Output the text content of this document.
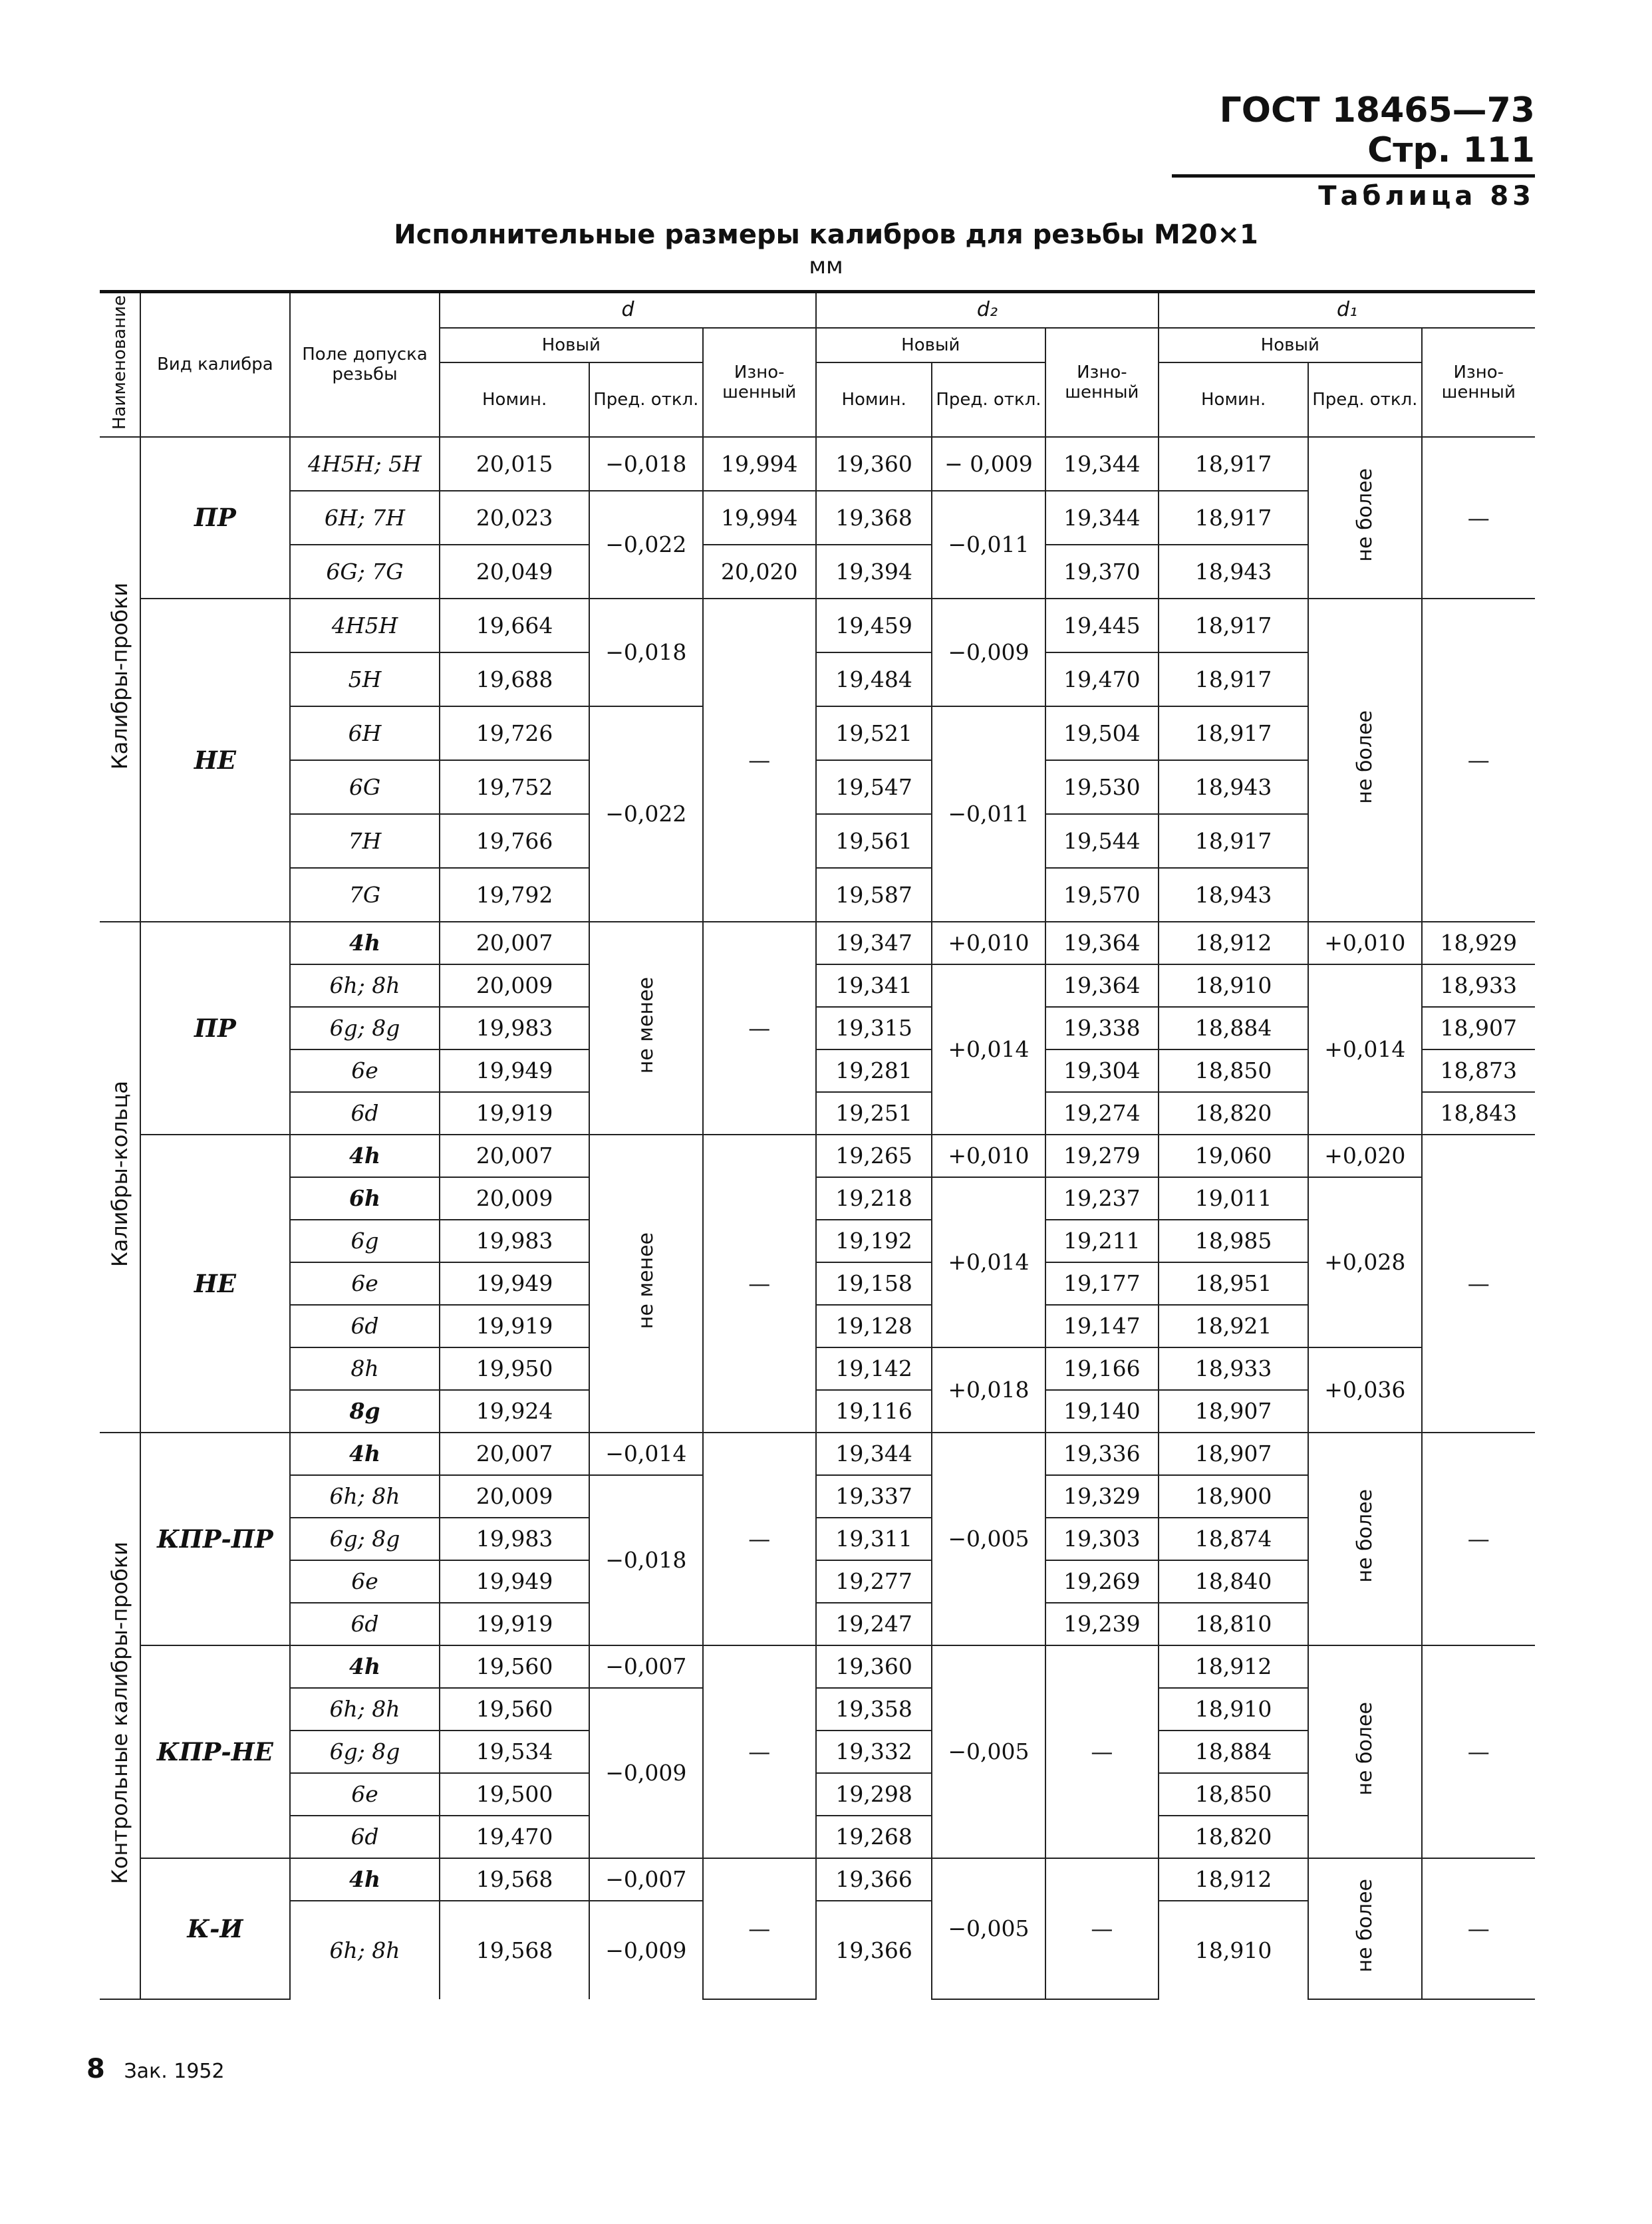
ГОСТ 18465—73 Стр. 111
Таблица 83
Исполнительные размеры калибров для резьбы M20×1
мм
Наименование	Вид калибра	Поле допуска резьбы	d			d₂			d₁		
			Новый		Изно- шенный	Новый		Изно- шенный	Новый		Изно- шенный
			Номин.	Пред. откл.		Номин.	Пред. откл.		Номин.	Пред. откл.	
Калибры-пробки	ПР	4H5H; 5H	20,015	−0,018	19,994	19,360	− 0,009	19,344	18,917	не более	—
		6H; 7H	20,023	−0,022	19,994	19,368	−0,011	19,344	18,917		
		6G; 7G	20,049		20,020	19,394		19,370	18,943		
	НЕ	4H5H	19,664	−0,018	—	19,459	−0,009	19,445	18,917	не более	—
		5H	19,688			19,484		19,470	18,917		
		6H	19,726	−0,022		19,521	−0,011	19,504	18,917		
		6G	19,752			19,547		19,530	18,943		
		7H	19,766			19,561		19,544	18,917		
		7G	19,792			19,587		19,570	18,943		
Калибры-кольца	ПР	4h	20,007	не менее	—	19,347	+0,010	19,364	18,912	+0,010	18,929
		6h; 8h	20,009			19,341	+0,014	19,364	18,910	+0,014	18,933
		6g; 8g	19,983			19,315		19,338	18,884		18,907
		6e	19,949			19,281		19,304	18,850		18,873
		6d	19,919			19,251		19,274	18,820		18,843
	НЕ	4h	20,007	не менее	—	19,265	+0,010	19,279	19,060	+0,020	—
		6h	20,009			19,218	+0,014	19,237	19,011	+0,028	
		6g	19,983			19,192		19,211	18,985		
		6e	19,949			19,158		19,177	18,951		
		6d	19,919			19,128		19,147	18,921		
		8h	19,950			19,142	+0,018	19,166	18,933	+0,036	
		8g	19,924			19,116		19,140	18,907		
Контрольные калибры-пробки	КПР-ПР	4h	20,007	−0,014	—	19,344	−0,005	19,336	18,907	не более	—
		6h; 8h	20,009	−0,018		19,337		19,329	18,900		
		6g; 8g	19,983			19,311		19,303	18,874		
		6e	19,949			19,277		19,269	18,840		
		6d	19,919			19,247		19,239	18,810		
	КПР-НЕ	4h	19,560	−0,007	—	19,360	−0,005	—	18,912	не более	—
		6h; 8h	19,560	−0,009		19,358			18,910		
		6g; 8g	19,534			19,332			18,884		
		6e	19,500			19,298			18,850		
		6d	19,470			19,268			18,820		
	К-И	4h	19,568	−0,007	—	19,366	−0,005	—	18,912	не более	—
		6h; 8h	19,568	−0,009		19,366			18,910		
8 Зак. 1952
